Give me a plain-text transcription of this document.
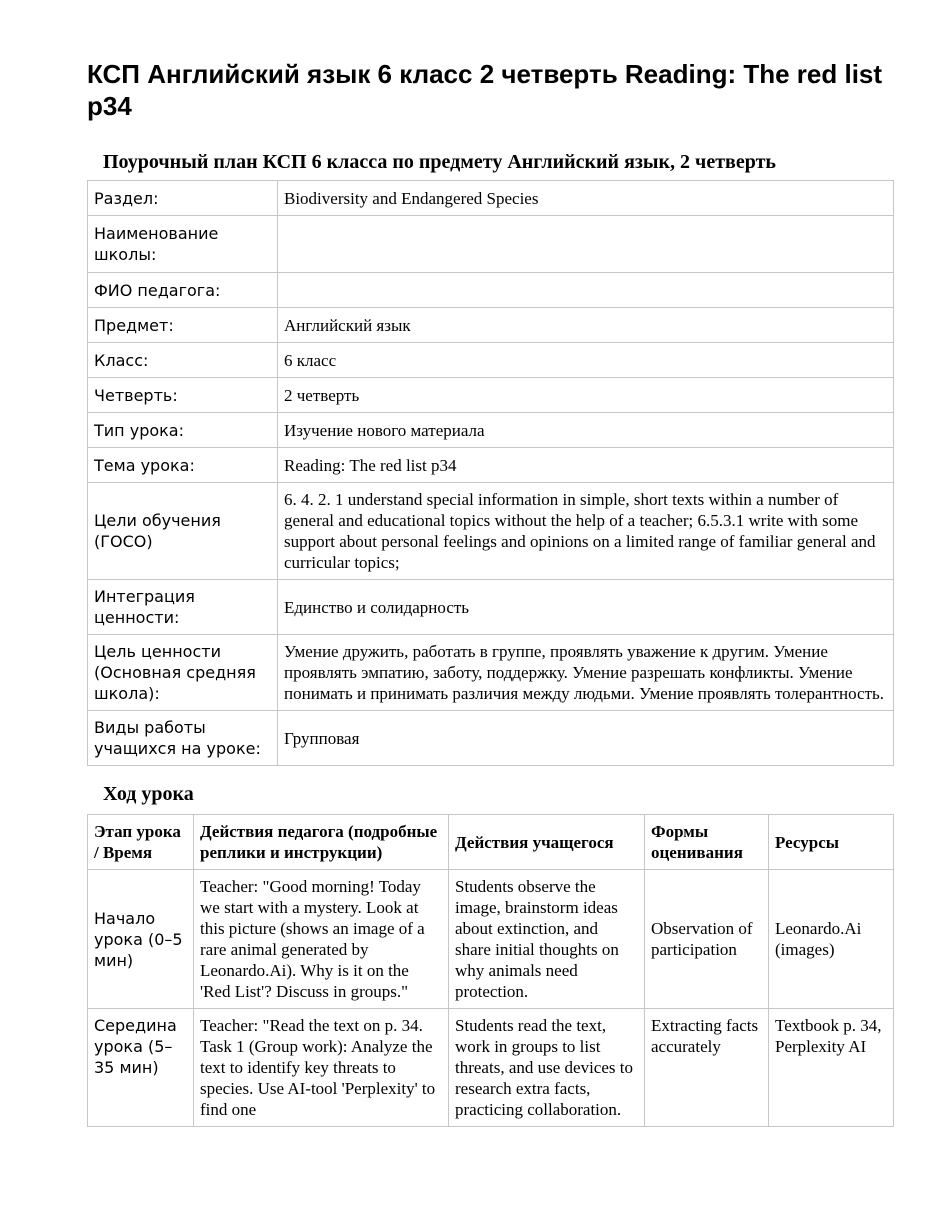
КСП Английский язык 6 класс 2 четверть Reading: The red list p34
Поурочный план КСП 6 класса по предмету Английский язык, 2 четверть
Раздел:	Biodiversity and Endangered Species
Наименование школы:	
ФИО педагога:	
Предмет:	Английский язык
Класс:	6 класс
Четверть:	2 четверть
Тип урока:	Изучение нового материала
Тема урока:	Reading: The red list p34
Цели обучения (ГОСО)	6. 4. 2. 1 understand special information in simple, short texts within a number of general and educational topics without the help of a teacher; 6.5.3.1 write with some support about personal feelings and opinions on a limited range of familiar general and curricular topics;
Интеграция ценности:	Единство и солидарность
Цель ценности (Основная средняя школа):	Умение дружить, работать в группе, проявлять уважение к другим. Умение проявлять эмпатию, заботу, поддержку. Умение разрешать конфликты. Умение понимать и принимать различия между людьми. Умение проявлять толерантность.
Виды работы учащихся на уроке:	Групповая
Ход урока
Этап урока / Время	Действия педагога (подробные реплики и инструкции)	Действия учащегося	Формы оценивания	Ресурсы
Начало урока (0–5 мин)	Teacher: "Good morning! Today we start with a mystery. Look at this picture (shows an image of a rare animal generated by Leonardo.Ai). Why is it on the 'Red List'? Discuss in groups."	Students observe the image, brainstorm ideas about extinction, and share initial thoughts on why animals need protection.	Observation of participation	Leonardo.Ai (images)
Середина урока (5–35 мин)	Teacher: "Read the text on p. 34. Task 1 (Group work): Analyze the text to identify key threats to species. Use AI-tool 'Perplexity' to find one	Students read the text, work in groups to list threats, and use devices to research extra facts, practicing collaboration.	Extracting facts accurately	Textbook p. 34, Perplexity AI
